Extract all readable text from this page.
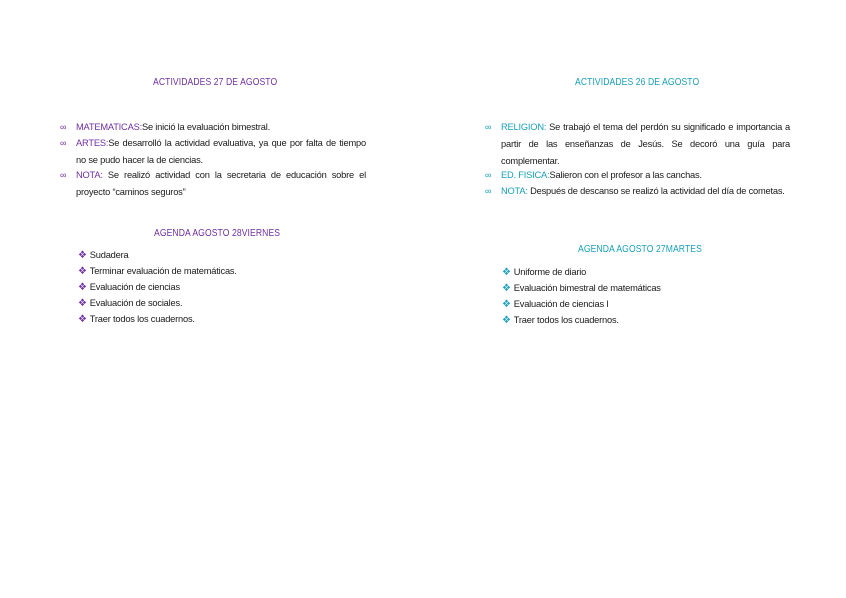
ACTIVIDADES 27 DE AGOSTO
∞ MATEMATICAS:Se inició la evaluación bimestral.
∞ ARTES:Se desarrolló la actividad evaluativa, ya que por falta de tiempo no se pudo hacer la de ciencias.
∞ NOTA: Se realizó actividad con la secretaria de educación sobre el proyecto “caminos seguros”
AGENDA AGOSTO 28VIERNES
❖ Sudadera
❖ Terminar evaluación de matemáticas.
❖ Evaluación de ciencias
❖ Evaluación de sociales.
❖ Traer todos los cuadernos.
ACTIVIDADES 26 DE AGOSTO
∞ RELIGION: Se trabajó el tema del perdón su significado e importancia a partir de las enseñanzas de Jesús. Se decoró una guía para complementar.
∞ ED. FISICA:Salieron con el profesor a las canchas.
∞ NOTA: Después de descanso se realizó la actividad del día de cometas.
AGENDA AGOSTO 27MARTES
❖ Uniforme de diario
❖ Evaluación bimestral de matemáticas
❖ Evaluación de ciencias l
❖ Traer todos los cuadernos.
